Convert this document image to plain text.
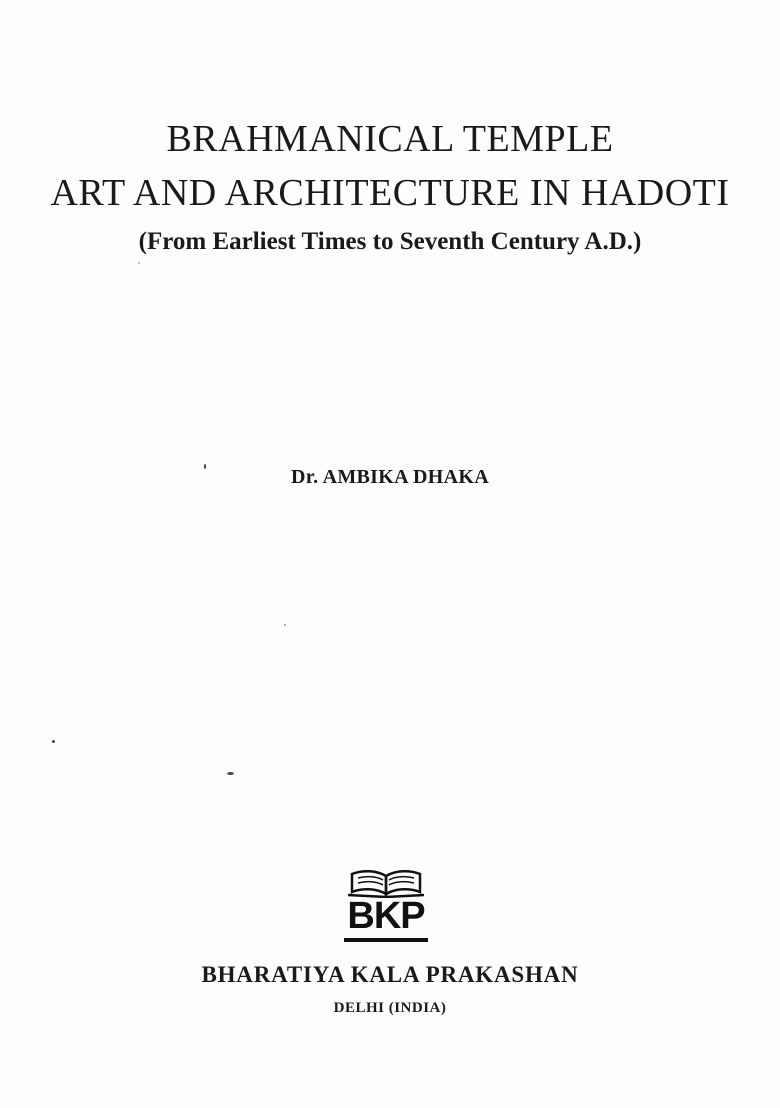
BRAHMANICAL TEMPLE
ART AND ARCHITECTURE IN HADOTI
(From Earliest Times to Seventh Century A.D.)
Dr. AMBIKA DHAKA
BKP
BHARATIYA KALA PRAKASHAN
DELHI (INDIA)
